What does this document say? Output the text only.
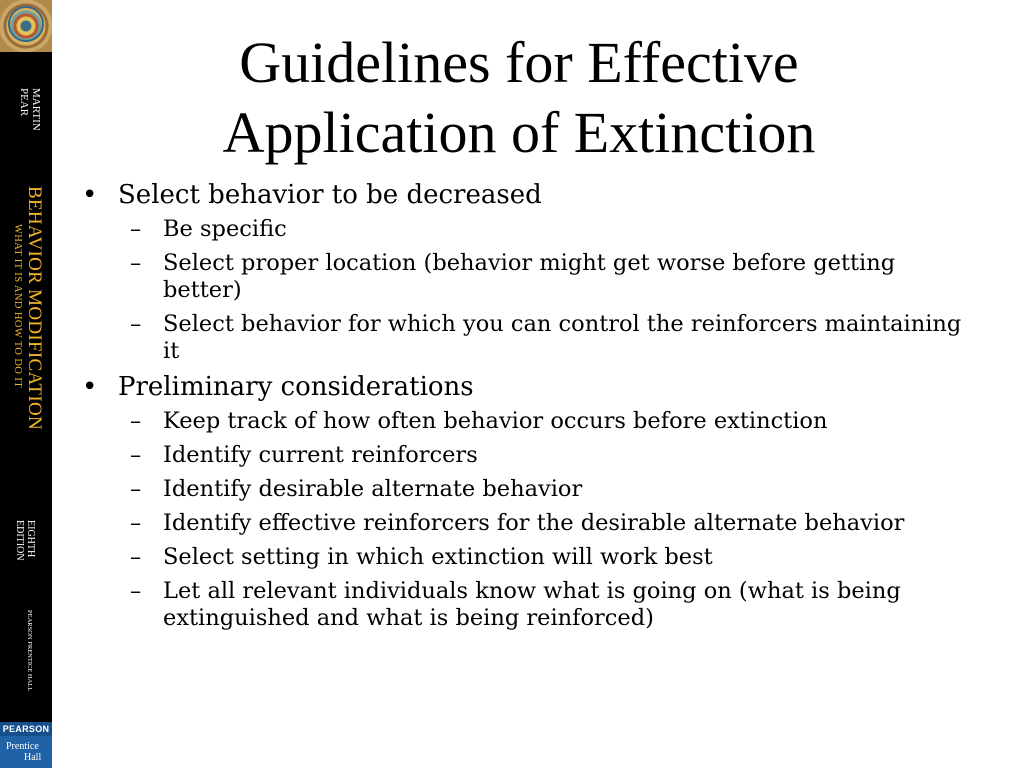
MARTIN
PEAR
BEHAVIOR MODIFICATION
WHAT IT IS AND HOW TO DO IT
EIGHTH
EDITION
PEARSON PRENTICE HALL
PEARSON
Prentice
Hall
Guidelines for Effective
Application of Extinction
• Select behavior to be decreased
– Be specific
– Select proper location (behavior might get worse before getting better)
– Select behavior for which you can control the reinforcers maintaining it
• Preliminary considerations
– Keep track of how often behavior occurs before extinction
– Identify current reinforcers
– Identify desirable alternate behavior
– Identify effective reinforcers for the desirable alternate behavior
– Select setting in which extinction will work best
– Let all relevant individuals know what is going on (what is being extinguished and what is being reinforced)
